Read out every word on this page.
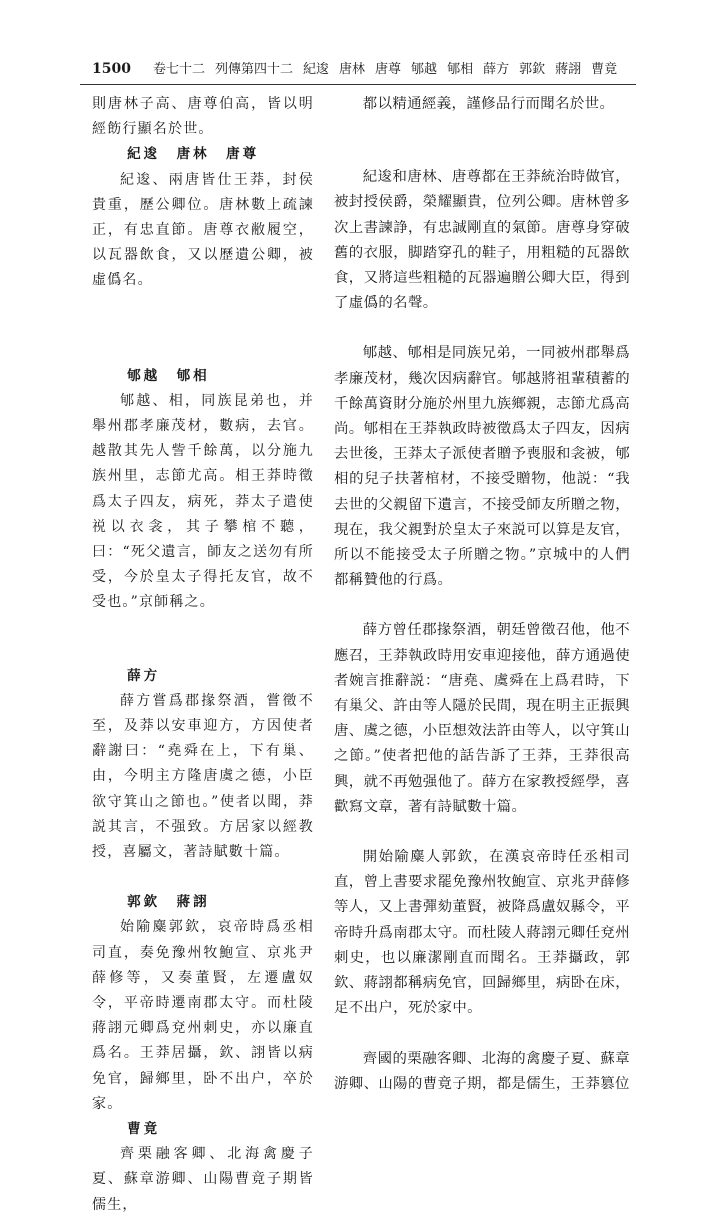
1500 卷七十二 列傳第四十二 紀逡 唐林 唐尊 郇越 郇相 薛方 郭欽 蔣詡 曹竟

則唐林子高、唐尊伯高，皆以明經飭行顯名於世。

紀逡　唐林　唐尊

紀逡、兩唐皆仕王莽，封侯貴重，歷公卿位。唐林數上疏諫正，有忠直節。唐尊衣敝履空，以瓦器飲食，又以歷遺公卿，被虛僞名。

郇越　郇相

郇越、相，同族昆弟也，并舉州郡孝廉茂材，數病，去官。越散其先人訾千餘萬，以分施九族州里，志節尤高。相王莽時徵爲太子四友，病死，莽太子遣使祱以衣衾，其子攀棺不聽，曰：“死父遺言，師友之送勿有所受，今於皇太子得托友官，故不受也。”京師稱之。

薛方

薛方嘗爲郡掾祭酒，嘗徵不至，及莽以安車迎方，方因使者辭謝曰：“堯舜在上，下有巢、由，今明主方隆唐虞之德，小臣欲守箕山之節也。”使者以聞，莽説其言，不强致。方居家以經教授，喜屬文，著詩賦數十篇。

郭欽　蔣詡

始隃麋郭欽，哀帝時爲丞相司直，奏免豫州牧鮑宣、京兆尹薛修等，又奏董賢，左遷盧奴令，平帝時遷南郡太守。而杜陵蔣詡元卿爲兗州刺史，亦以廉直爲名。王莽居攝，欽、詡皆以病免官，歸鄉里，卧不出户，卒於家。

曹竟

齊栗融客卿、北海禽慶子夏、蘇章游卿、山陽曹竟子期皆儒生，

都以精通經義，謹修品行而聞名於世。

紀逡和唐林、唐尊都在王莽統治時做官，被封授侯爵，榮耀顯貴，位列公卿。唐林曾多次上書諫諍，有忠誠剛直的氣節。唐尊身穿破舊的衣服，脚踏穿孔的鞋子，用粗糙的瓦器飲食，又將這些粗糙的瓦器遍贈公卿大臣，得到了虛僞的名聲。

郇越、郇相是同族兄弟，一同被州郡舉爲孝廉茂材，幾次因病辭官。郇越將祖輩積蓄的千餘萬資財分施於州里九族鄉親，志節尤爲高尚。郇相在王莽執政時被徵爲太子四友，因病去世後，王莽太子派使者贈予喪服和衾被，郇相的兒子扶著棺材，不接受贈物，他説：“我去世的父親留下遺言，不接受師友所贈之物，現在，我父親對於皇太子來説可以算是友官，所以不能接受太子所贈之物。”京城中的人們都稱贊他的行爲。

薛方曾任郡掾祭酒，朝廷曾徵召他，他不應召，王莽執政時用安車迎接他，薛方通過使者婉言推辭説：“唐堯、虞舜在上爲君時，下有巢父、許由等人隱於民間，現在明主正振興唐、虞之德，小臣想效法許由等人，以守箕山之節。”使者把他的話告訴了王莽，王莽很高興，就不再勉强他了。薛方在家教授經學，喜歡寫文章，著有詩賦數十篇。

開始隃麋人郭欽，在漢哀帝時任丞相司直，曾上書要求罷免豫州牧鮑宣、京兆尹薛修等人，又上書彈劾董賢，被降爲盧奴縣令，平帝時升爲南郡太守。而杜陵人蔣詡元卿任兗州刺史，也以廉潔剛直而聞名。王莽攝政，郭欽、蔣詡都稱病免官，回歸鄉里，病卧在床，足不出户，死於家中。

齊國的栗融客卿、北海的禽慶子夏、蘇章游卿、山陽的曹竟子期，都是儒生，王莽篡位
